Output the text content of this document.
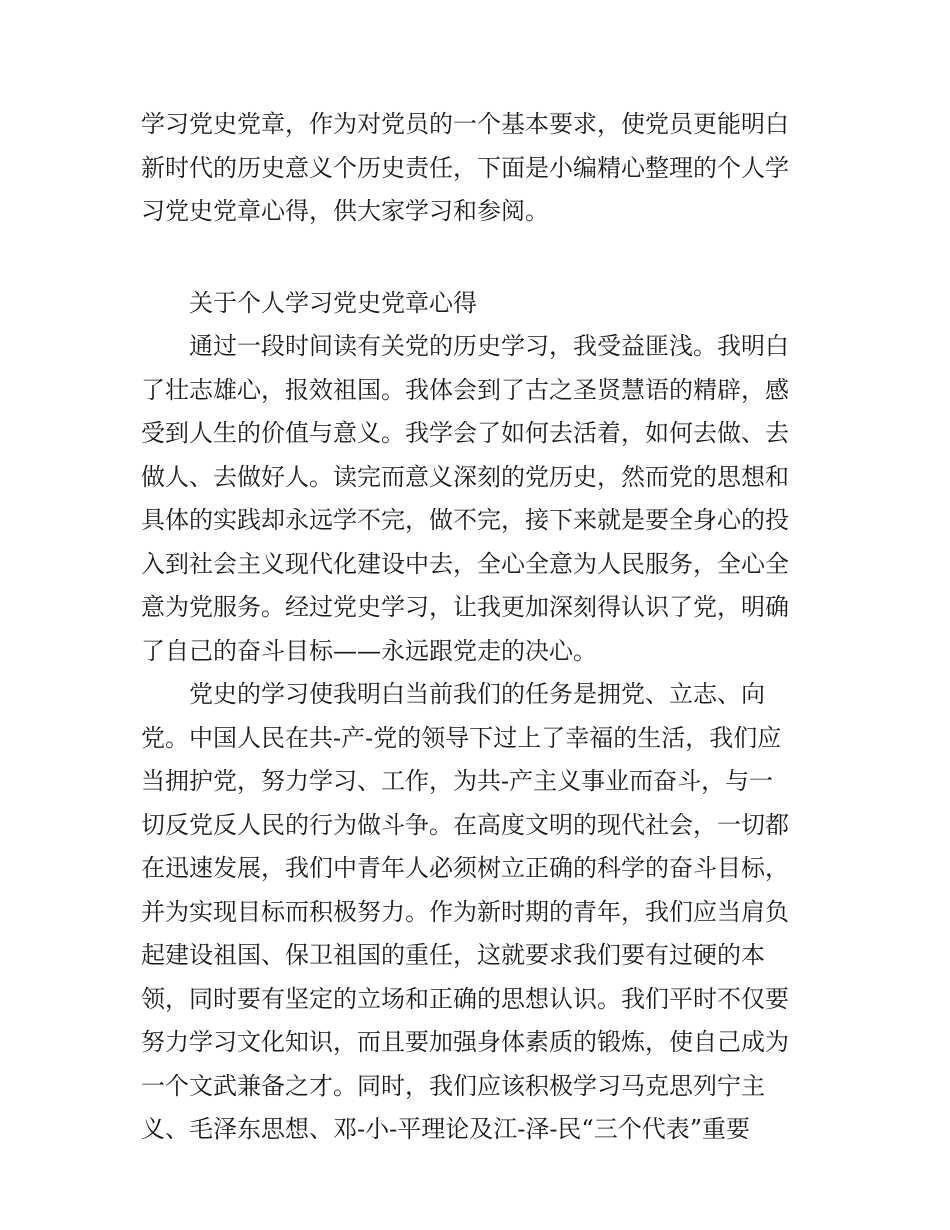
学习党史党章，作为对党员的一个基本要求，使党员更能明白
新时代的历史意义个历史责任，下面是小编精心整理的个人学
习党史党章心得，供大家学习和参阅。
关于个人学习党史党章心得
通过一段时间读有关党的历史学习，我受益匪浅。我明白
了壮志雄心，报效祖国。我体会到了古之圣贤慧语的精辟，感
受到人生的价值与意义。我学会了如何去活着，如何去做、去
做人、去做好人。读完而意义深刻的党历史，然而党的思想和
具体的实践却永远学不完，做不完，接下来就是要全身心的投
入到社会主义现代化建设中去，全心全意为人民服务，全心全
意为党服务。经过党史学习，让我更加深刻得认识了党，明确
了自己的奋斗目标——永远跟党走的决心。
党史的学习使我明白当前我们的任务是拥党、立志、向
党。中国人民在共-产-党的领导下过上了幸福的生活，我们应
当拥护党，努力学习、工作，为共-产主义事业而奋斗，与一
切反党反人民的行为做斗争。在高度文明的现代社会，一切都
在迅速发展，我们中青年人必须树立正确的科学的奋斗目标，
并为实现目标而积极努力。作为新时期的青年，我们应当肩负
起建设祖国、保卫祖国的重任，这就要求我们要有过硬的本
领，同时要有坚定的立场和正确的思想认识。我们平时不仅要
努力学习文化知识，而且要加强身体素质的锻炼，使自己成为
一个文武兼备之才。同时，我们应该积极学习马克思列宁主
义、毛泽东思想、邓-小-平理论及江-泽-民“三个代表”重要
